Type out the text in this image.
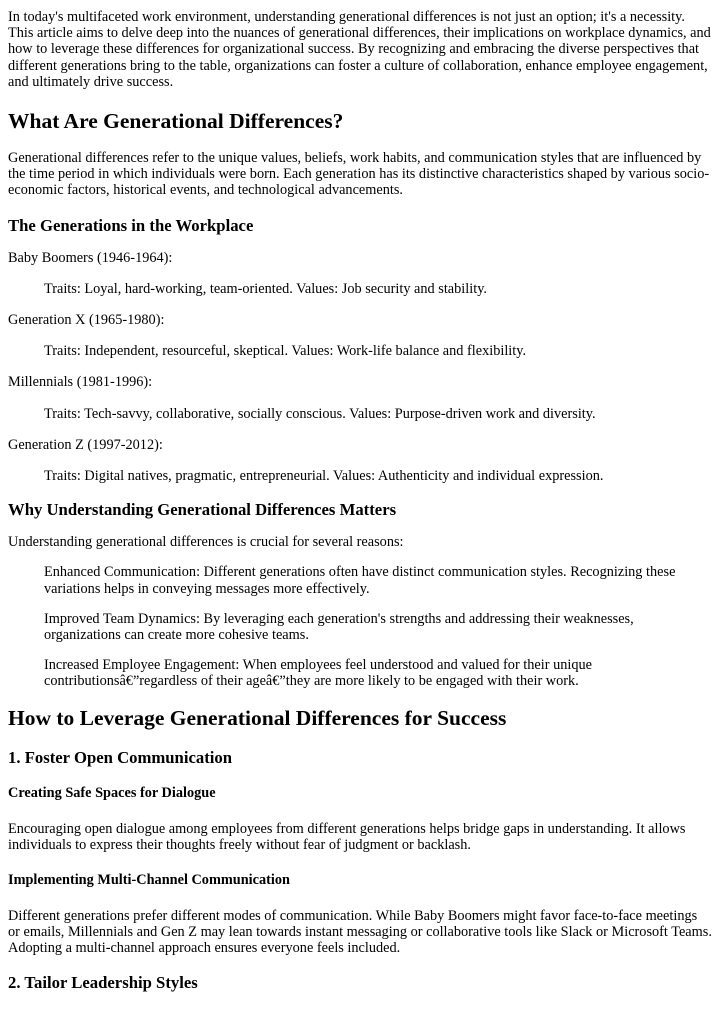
In today's multifaceted work environment, understanding generational differences is not just an option; it's a necessity. This article aims to delve deep into the nuances of generational differences, their implications on workplace dynamics, and how to leverage these differences for organizational success. By recognizing and embracing the diverse perspectives that different generations bring to the table, organizations can foster a culture of collaboration, enhance employee engagement, and ultimately drive success.

What Are Generational Differences?

Generational differences refer to the unique values, beliefs, work habits, and communication styles that are influenced by the time period in which individuals were born. Each generation has its distinctive characteristics shaped by various socio-economic factors, historical events, and technological advancements.

The Generations in the Workplace

Baby Boomers (1946-1964):

Traits: Loyal, hard-working, team-oriented. Values: Job security and stability.

Generation X (1965-1980):

Traits: Independent, resourceful, skeptical. Values: Work-life balance and flexibility.

Millennials (1981-1996):

Traits: Tech-savvy, collaborative, socially conscious. Values: Purpose-driven work and diversity.

Generation Z (1997-2012):

Traits: Digital natives, pragmatic, entrepreneurial. Values: Authenticity and individual expression.

Why Understanding Generational Differences Matters

Understanding generational differences is crucial for several reasons:

Enhanced Communication: Different generations often have distinct communication styles. Recognizing these variations helps in conveying messages more effectively.

Improved Team Dynamics: By leveraging each generation's strengths and addressing their weaknesses, organizations can create more cohesive teams.

Increased Employee Engagement: When employees feel understood and valued for their unique contributionsâ€”regardless of their ageâ€”they are more likely to be engaged with their work.

How to Leverage Generational Differences for Success
1. Foster Open Communication
Creating Safe Spaces for Dialogue

Encouraging open dialogue among employees from different generations helps bridge gaps in understanding. It allows individuals to express their thoughts freely without fear of judgment or backlash.

Implementing Multi-Channel Communication

Different generations prefer different modes of communication. While Baby Boomers might favor face-to-face meetings or emails, Millennials and Gen Z may lean towards instant messaging or collaborative tools like Slack or Microsoft Teams. Adopting a multi-channel approach ensures everyone feels included.

2. Tailor Leadership Styles
